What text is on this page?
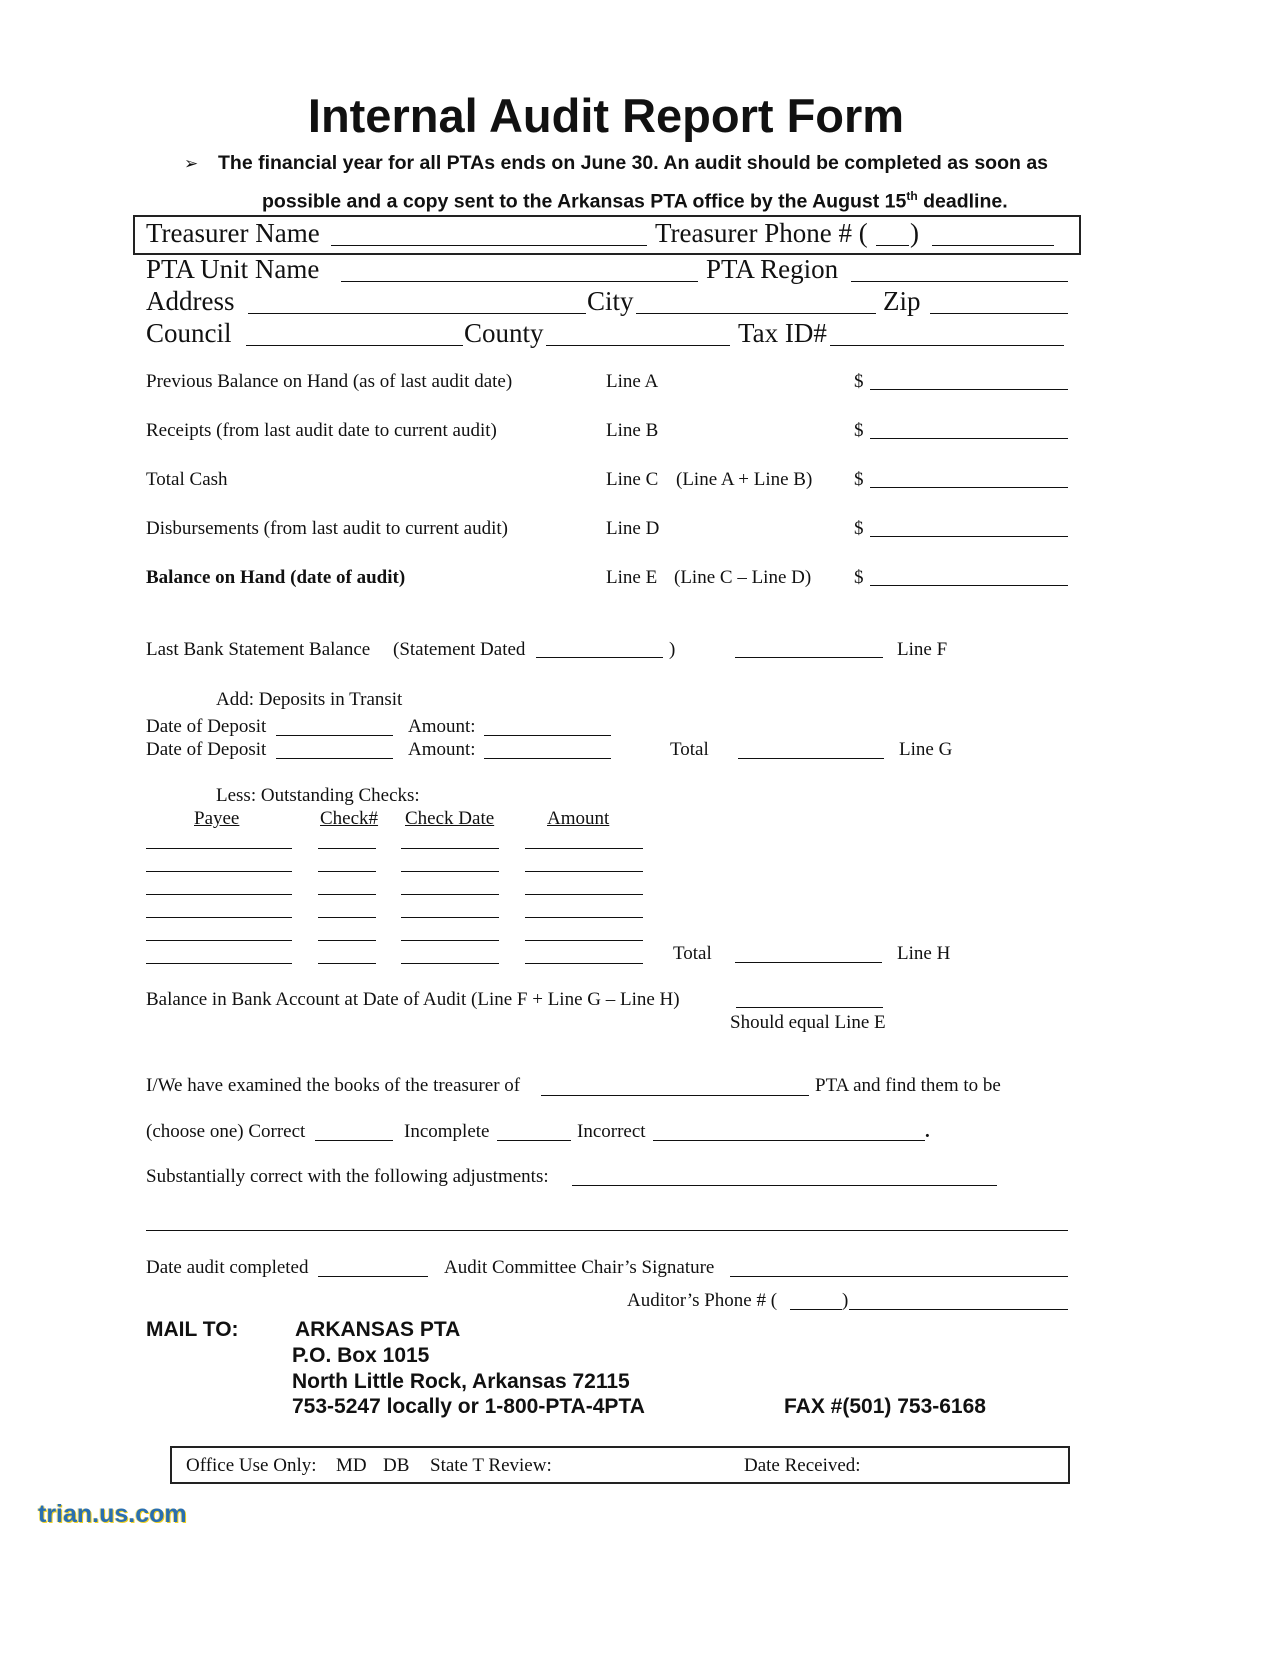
Internal Audit Report Form
➢ The financial year for all PTAs ends on June 30. An audit should be completed as soon as
possible and a copy sent to the Arkansas PTA office by the August 15th deadline.
Treasurer Name	Treasurer Phone # ( )
PTA Unit Name	PTA Region
Address	City	Zip
Council	County	Tax ID#
Previous Balance on Hand (as of last audit date)	Line A	$
Receipts (from last audit date to current audit)	Line B	$
Total Cash	Line C (Line A + Line B) $
Disbursements (from last audit to current audit)	Line D	$
Balance on Hand (date of audit)	Line E (Line C – Line D) $
Last Bank Statement Balance (Statement Dated	)	Line F
Add: Deposits in Transit
Date of Deposit	Amount:
Date of Deposit	Amount:	Total	Line G
Less: Outstanding Checks:
Payee	Check# Check Date	Amount
Total	Line H
Balance in Bank Account at Date of Audit (Line F + Line G – Line H)
Should equal Line E
I/We have examined the books of the treasurer of	PTA and find them to be
(choose one) Correct	Incomplete	Incorrect	.
Substantially correct with the following adjustments:
Date audit completed	Audit Committee Chair’s Signature
Auditor’s Phone # (	)
MAIL TO:	ARKANSAS PTA
P.O. Box 1015
North Little Rock, Arkansas 72115
753-5247 locally or 1-800-PTA-4PTA	FAX #(501) 753-6168
Office Use Only: MD DB State T Review:	Date Received:
trian.us.com
